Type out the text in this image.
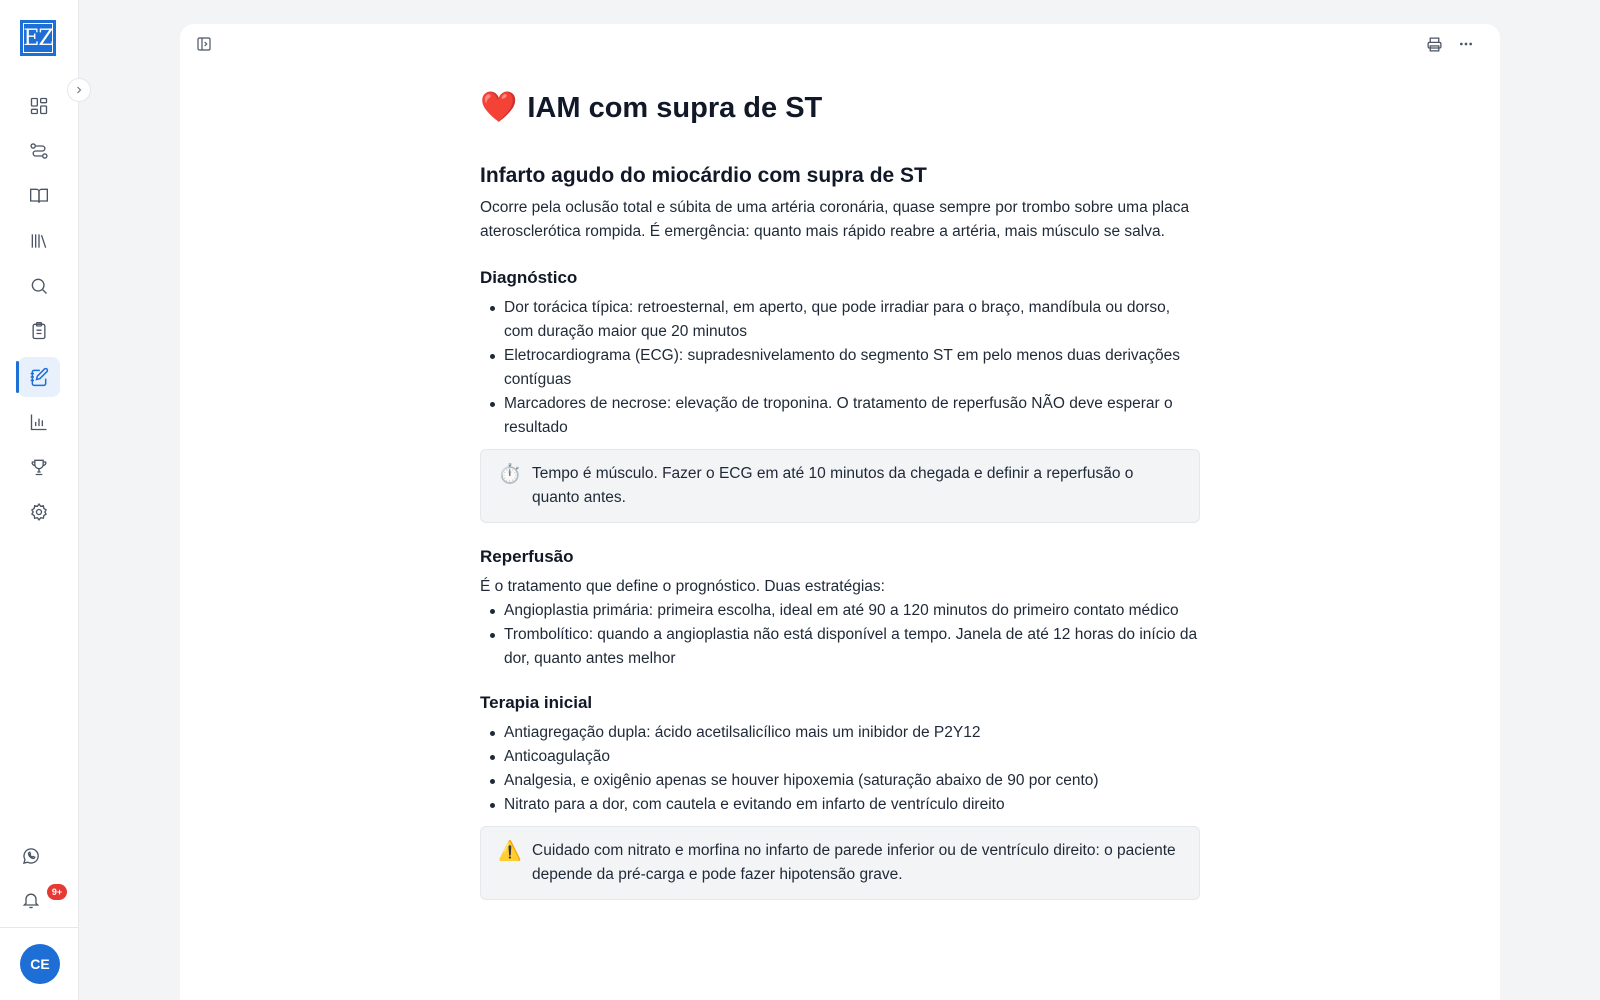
EZ
9+
CE
❤️ IAM com supra de ST
Infarto agudo do miocárdio com supra de ST

Ocorre pela oclusão total e súbita de uma artéria coronária, quase sempre por trombo sobre uma placa aterosclerótica rompida. É emergência: quanto mais rápido reabre a artéria, mais músculo se salva.

Diagnóstico
Dor torácica típica: retroesternal, em aperto, que pode irradiar para o braço, mandíbula ou dorso, com duração maior que 20 minutos
Eletrocardiograma (ECG): supradesnivelamento do segmento ST em pelo menos duas derivações contíguas
Marcadores de necrose: elevação de troponina. O tratamento de reperfusão NÃO deve esperar o resultado
⏱️ Tempo é músculo. Fazer o ECG em até 10 minutos da chegada e definir a reperfusão o quanto antes.
Reperfusão

É o tratamento que define o prognóstico. Duas estratégias:

Angioplastia primária: primeira escolha, ideal em até 90 a 120 minutos do primeiro contato médico
Trombolítico: quando a angioplastia não está disponível a tempo. Janela de até 12 horas do início da dor, quanto antes melhor
Terapia inicial
Antiagregação dupla: ácido acetilsalicílico mais um inibidor de P2Y12
Anticoagulação
Analgesia, e oxigênio apenas se houver hipoxemia (saturação abaixo de 90 por cento)
Nitrato para a dor, com cautela e evitando em infarto de ventrículo direito
⚠️ Cuidado com nitrato e morfina no infarto de parede inferior ou de ventrículo direito: o paciente depende da pré-carga e pode fazer hipotensão grave.
